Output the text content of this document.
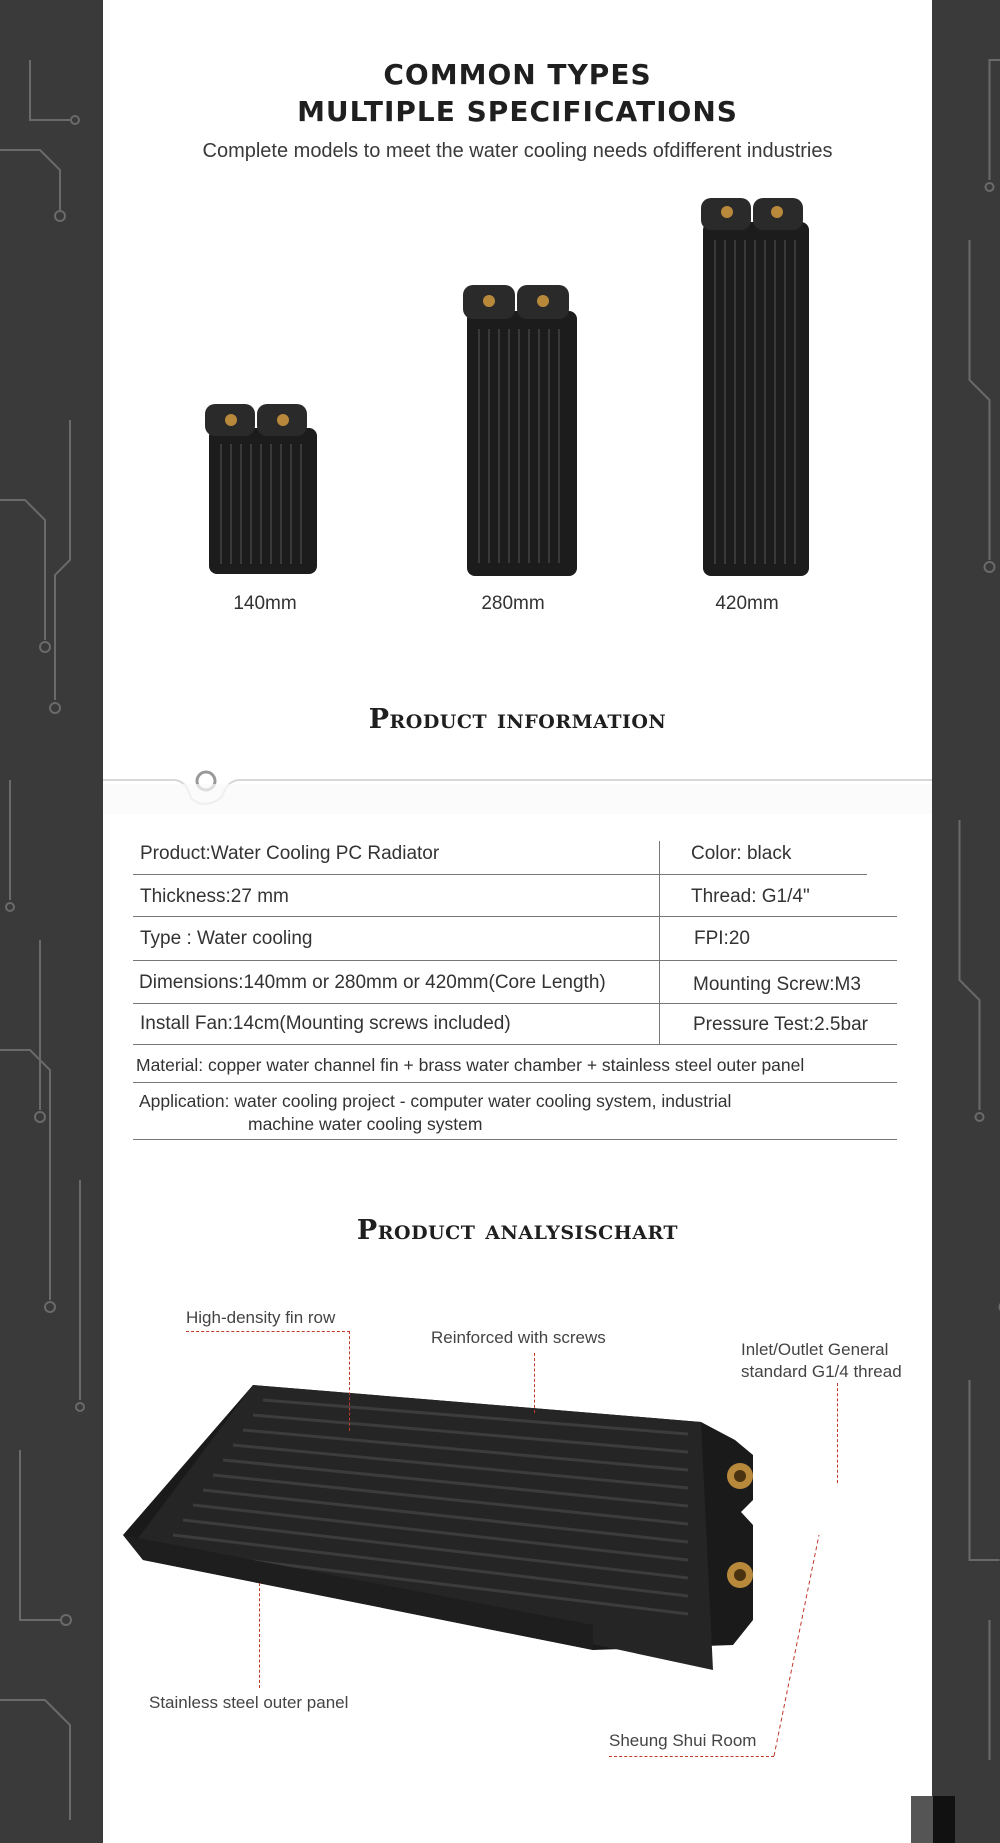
COMMON TYPES
MULTIPLE SPECIFICATIONS
Complete models to meet the water cooling needs ofdifferent industries
140mm	280mm	420mm
Product information
Product:Water Cooling PC Radiator	Color: black
Thickness:27 mm	Thread: G1/4"
Type : Water cooling	FPI:20
Dimensions:140mm or 280mm or 420mm(Core Length)	Mounting Screw:M3
Install Fan:14cm(Mounting screws included)	Pressure Test:2.5bar
Material: copper water channel fin + brass water chamber + stainless steel outer panel
Application: water cooling project - computer water cooling system, industrial
machine water cooling system
Product analysischart
High-density fin row
Reinforced with screws
Inlet/Outlet General
standard G1/4 thread
Stainless steel outer panel
Sheung Shui Room
